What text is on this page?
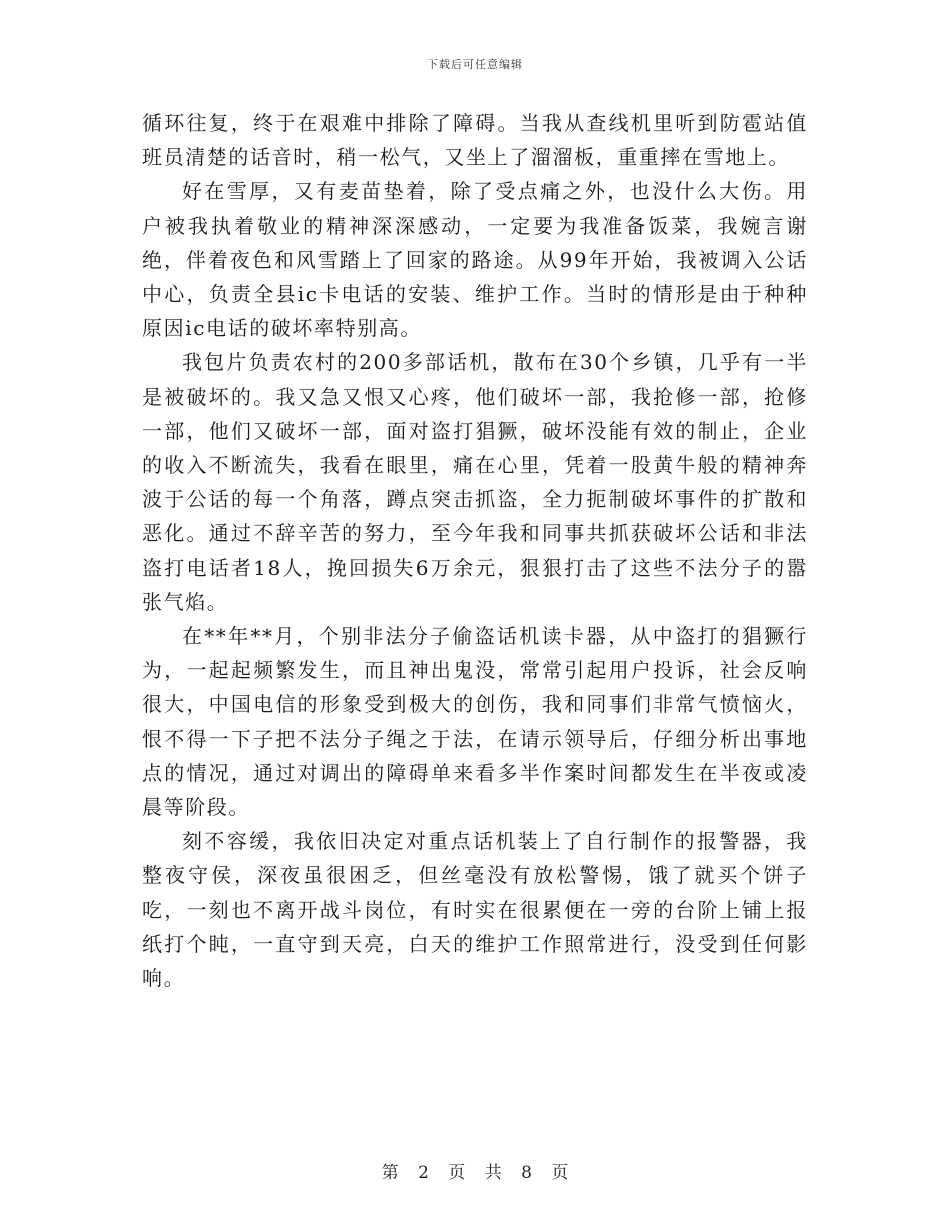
下载后可任意编辑

循环往复，终于在艰难中排除了障碍。当我从查线机里听到防雹站值班员清楚的话音时，稍一松气，又坐上了溜溜板，重重摔在雪地上。

好在雪厚，又有麦苗垫着，除了受点痛之外，也没什么大伤。用户被我执着敬业的精神深深感动，一定要为我准备饭菜，我婉言谢绝，伴着夜色和风雪踏上了回家的路途。从99年开始，我被调入公话中心，负责全县ic卡电话的安装、维护工作。当时的情形是由于种种原因ic电话的破坏率特别高。

我包片负责农村的200多部话机，散布在30个乡镇，几乎有一半是被破坏的。我又急又恨又心疼，他们破坏一部，我抢修一部，抢修一部，他们又破坏一部，面对盗打猖獗，破坏没能有效的制止，企业的收入不断流失，我看在眼里，痛在心里，凭着一股黄牛般的精神奔波于公话的每一个角落，蹲点突击抓盗，全力扼制破坏事件的扩散和恶化。通过不辞辛苦的努力，至今年我和同事共抓获破坏公话和非法盗打电话者18人，挽回损失6万余元，狠狠打击了这些不法分子的嚣张气焰。

在**年**月，个别非法分子偷盗话机读卡器，从中盗打的猖獗行为，一起起频繁发生，而且神出鬼没，常常引起用户投诉，社会反响很大，中国电信的形象受到极大的创伤，我和同事们非常气愤恼火，恨不得一下子把不法分子绳之于法，在请示领导后，仔细分析出事地点的情况，通过对调出的障碍单来看多半作案时间都发生在半夜或凌晨等阶段。

刻不容缓，我依旧决定对重点话机装上了自行制作的报警器，我整夜守侯，深夜虽很困乏，但丝毫没有放松警惕，饿了就买个饼子吃，一刻也不离开战斗岗位，有时实在很累便在一旁的台阶上铺上报纸打个盹，一直守到天亮，白天的维护工作照常进行，没受到任何影响。

第 2 页 共 8 页
